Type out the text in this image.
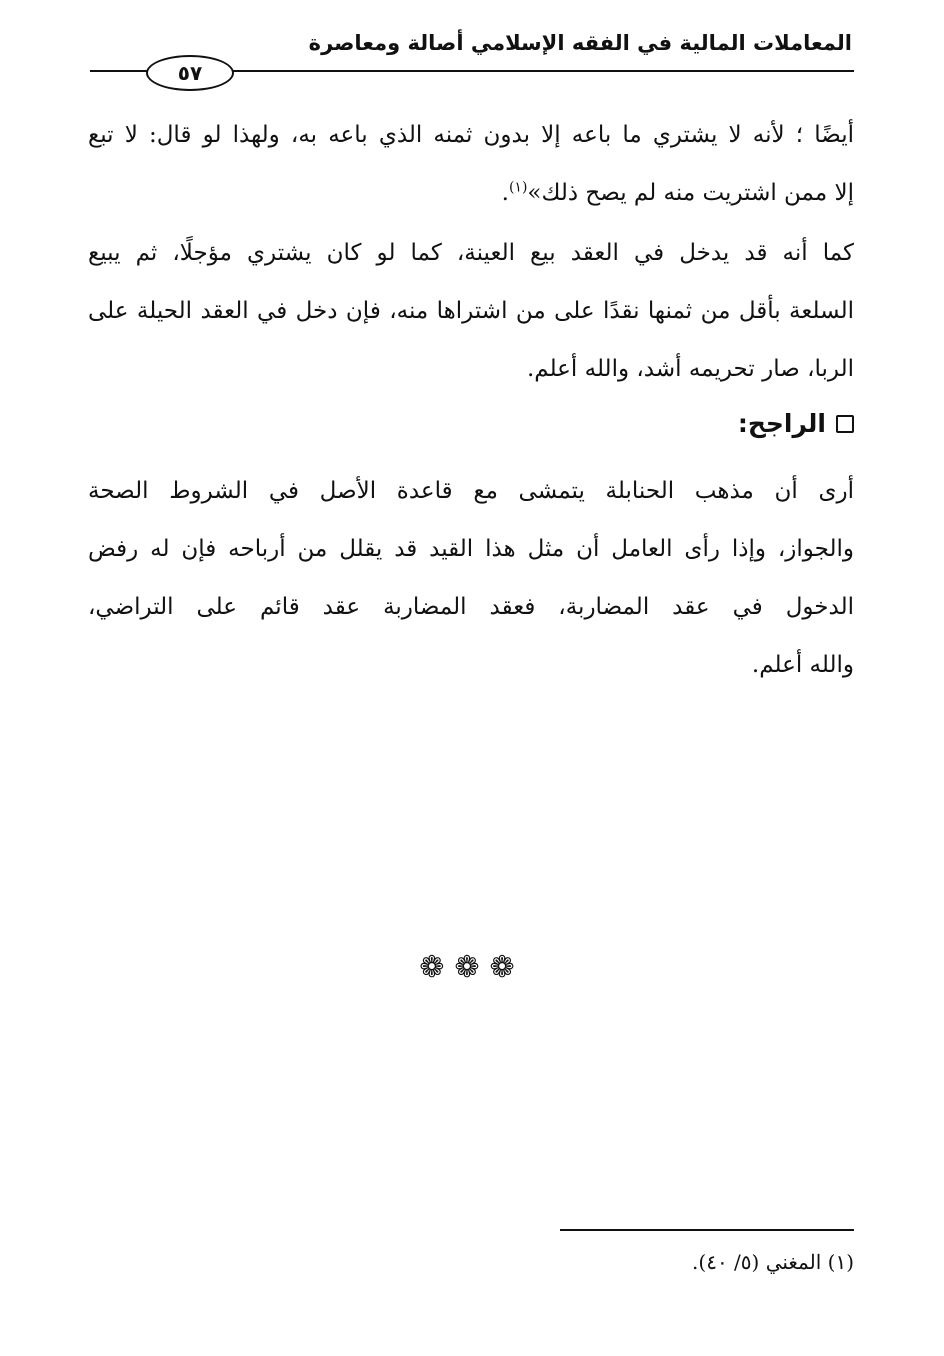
المعاملات المالية في الفقه الإسلامي أصالة ومعاصرة
٥٧
أيضًا ؛ لأنه لا يشتري ما باعه إلا بدون ثمنه الذي باعه به، ولهذا لو قال: لا تبع
إلا ممن اشتريت منه لم يصح ذلك»$^{(١)}$.
كما أنه قد يدخل في العقد بيع العينة، كما لو كان يشتري مؤجلًا، ثم يبيع
السلعة بأقل من ثمنها نقدًا على من اشتراها منه، فإن دخل في العقد الحيلة على
الربا، صار تحريمه أشد، والله أعلم.
الراجح:
أرى أن مذهب الحنابلة يتمشى مع قاعدة الأصل في الشروط الصحة
والجواز، وإذا رأى العامل أن مثل هذا القيد قد يقلل من أرباحه فإن له رفض
الدخول في عقد المضاربة، فعقد المضاربة عقد قائم على التراضي،
والله أعلم.
❁❁❁
(١) المغني (٥/ ٤٠).
